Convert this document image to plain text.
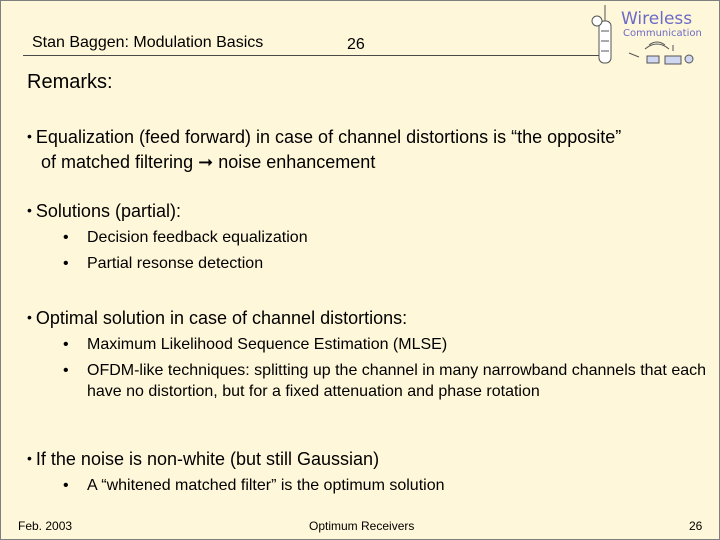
Stan Baggen: Modulation Basics	26
Wireless
Communication
Remarks:
• Equalization (feed forward) in case of channel distortions is “the opposite”
of matched filtering ➞ noise enhancement
• Solutions (partial):
• Decision feedback equalization
• Partial resonse detection
• Optimal solution in case of channel distortions:
• Maximum Likelihood Sequence Estimation (MLSE)
• OFDM-like techniques: splitting up the channel in many narrowband channels that each have no distortion, but for a fixed attenuation and phase rotation
• If the noise is non-white (but still Gaussian)
• A “whitened matched filter” is the optimum solution
Feb. 2003	Optimum Receivers	26
